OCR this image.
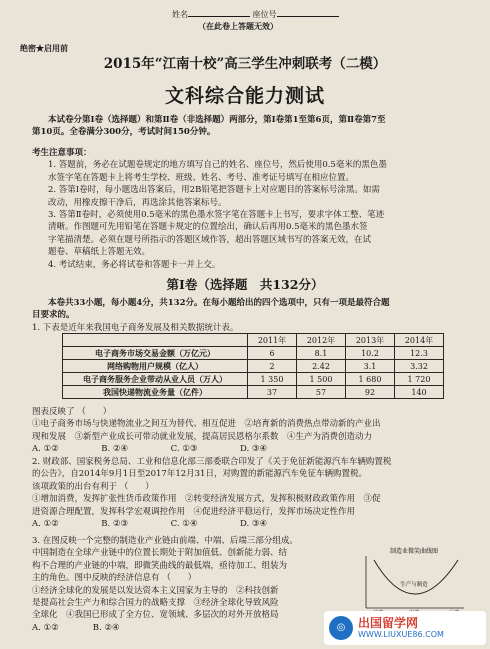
姓名	座位号
（在此卷上答题无效）
绝密★启用前
2015年“江南十校”高三学生冲刺联考（二模）
文科综合能力测试
本试卷分第Ⅰ卷（选择题）和第Ⅱ卷（非选择题）两部分，第Ⅰ卷第1至第6页，第Ⅱ卷第7至
第10页。全卷满分300分，考试时间150分钟。
考生注意事项：
1. 答题前，务必在试题卷规定的地方填写自己的姓名、座位号，然后使用0.5毫米的黑色墨
水签字笔在答题卡上将考生学校、班级、姓名、考号、准考证号填写在相应位置。
2. 答第Ⅰ卷时，每小题选出答案后，用2B铅笔把答题卡上对应题目的答案标号涂黑。如需
改动，用橡皮擦干净后，再选涂其他答案标号。
3. 答第Ⅱ卷时，必须使用0.5毫米的黑色墨水签字笔在答题卡上书写，要求字体工整、笔迹
清晰。作图题可先用铅笔在答题卡规定的位置绘出，确认后再用0.5毫米的黑色墨水签
字笔描清楚。必须在题号所指示的答题区域作答，超出答题区域书写的答案无效，在试
题卷、草稿纸上答题无效。
4. 考试结束，务必将试卷和答题卡一并上交。
第Ⅰ卷（选择题　共132分）
本卷共33小题，每小题4分，共132分。在每小题给出的四个选项中，只有一项是最符合题
目要求的。
1. 下表是近年来我国电子商务发展及相关数据统计表。
	2011年	2012年	2013年	2014年
电子商务市场交易金额（万亿元）	6	8.1	10.2	12.3
网络购物用户规模（亿人）	2	2.42	3.1	3.32
电子商务服务企业带动从业人员（万人）	1 350	1 500	1 680	1 720
我国快递物流业务量（亿件）	37	57	92	140
图表反映了 （　　）
①电子商务市场与快递物流业之间互为替代、相互促进　②培育新的消费热点带动新的产业出
现和发展　③新型产业成长可带动就业发展，提高居民恩格尔系数　④生产为消费创造动力
A. ①②　　　　　B. ②④　　　　　C. ①③　　　　　D. ③④
2. 财政部、国家税务总局、工业和信息化部三部委联合印发了《关于免征新能源汽车车辆购置税
的公告》，自2014年9月1日至2017年12月31日，对购置的新能源汽车免征车辆购置税。
该项政策的出台有利于 （　　）
①增加消费，发挥扩张性货币政策作用　②转变经济发展方式，发挥积极财政政策作用　③促
进资源合理配置，发挥科学宏观调控作用　④促进经济平稳运行，发挥市场决定性作用
A. ①②　　　　　B. ②③　　　　　C. ①④　　　　　D. ③④
3. 在图反映一个完整的制造业产业链由前端、中端、后端三部分组成。
中国制造在全球产业链中的位置长期处于附加值低、创新能力弱、结
构不合理的产业链的中端，即微笑曲线的最低端，亟待加工、组装为
主的角色。图中反映的经济信息有 （　　）
①经济全球化的发展是以发达资本主义国家为主导的　②科技创新
是提高社会生产力和综合国力的战略支撑　③经济全球化导致风险
全球化　④我国已形成了全方位、宽领域、多层次的对外开放格局
A. ①②　　　　B. ②④
制造业微笑曲线图
生产与制造
◎	出国留学网
WWW.LIUXUE86.COM
